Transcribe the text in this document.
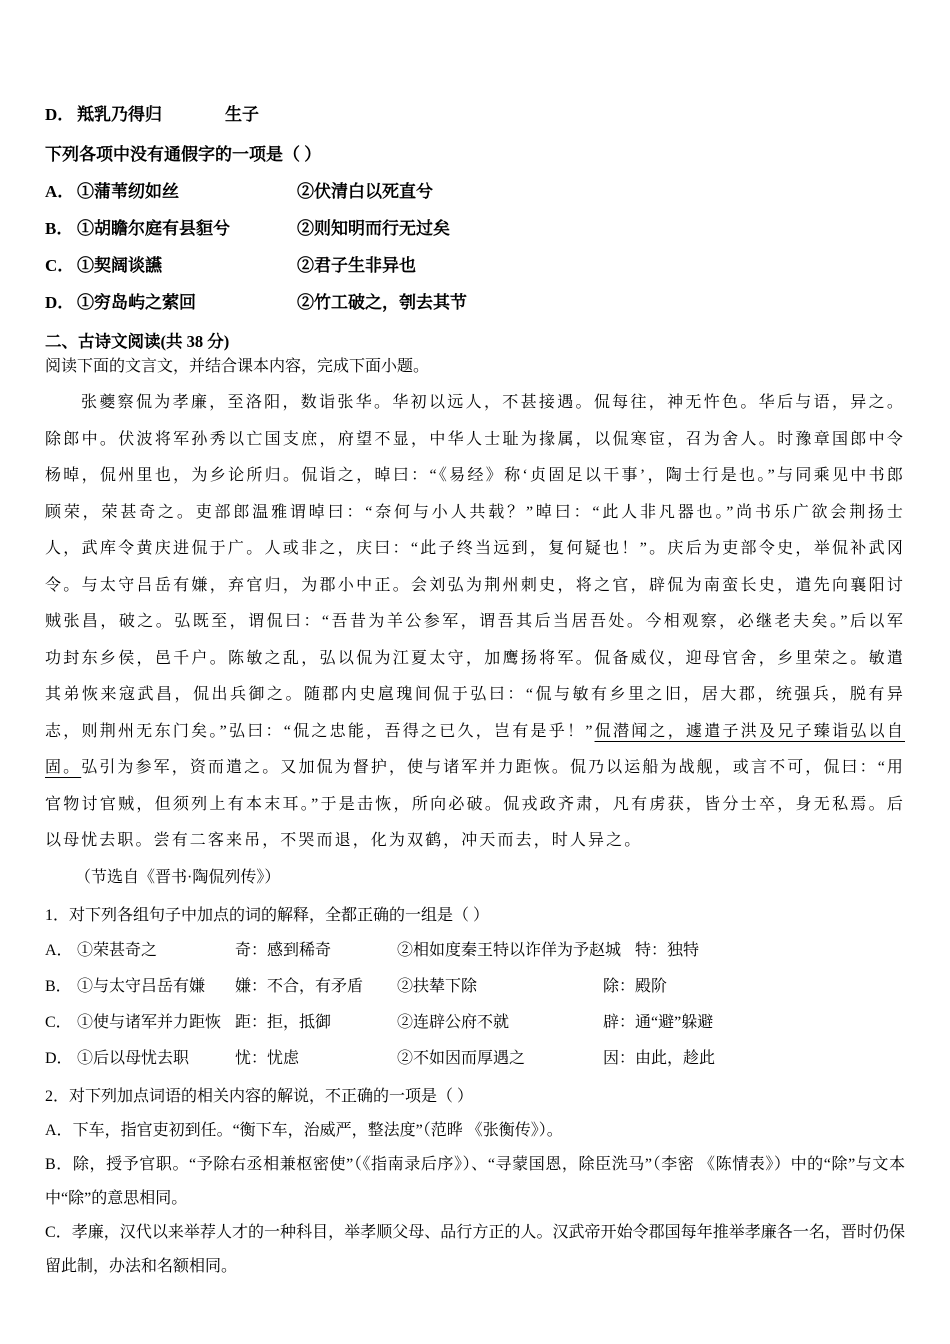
D． 羝乳乃得归	生子
下列各项中没有通假字的一项是（ ）
A． ①蒲苇纫如丝	②伏清白以死直兮
B． ①胡瞻尔庭有县貆兮	②则知明而行无过矣
C． ①契阔谈讌	②君子生非异也
D． ①穷岛屿之萦回	②竹工破之，刳去其节
二、古诗文阅读(共 38 分)
阅读下面的文言文，并结合课本内容，完成下面小题。

张夔察侃为孝廉，至洛阳，数诣张华。华初以远人，不甚接遇。侃每往，神无忤色。华后与语，异之。除郎中。伏波将军孙秀以亡国支庶，府望不显，中华人士耻为掾属，以侃寒宦，召为舍人。时豫章国郎中令杨晫，侃州里也，为乡论所归。侃诣之，晫曰：“《易经》称‘贞固足以干事’，陶士行是也。”与同乘见中书郎顾荣，荣甚奇之。吏部郎温雅谓晫曰：“奈何与小人共载？”晫曰：“此人非凡器也。”尚书乐广欲会荆扬士人，武库令黄庆进侃于广。人或非之，庆曰：“此子终当远到，复何疑也！”。庆后为吏部令史，举侃补武冈令。与太守吕岳有嫌，弃官归，为郡小中正。会刘弘为荆州刺史，将之官，辟侃为南蛮长史，遣先向襄阳讨贼张昌，破之。弘既至，谓侃曰：“吾昔为羊公参军，谓吾其后当居吾处。今相观察，必继老夫矣。”后以军功封东乡侯，邑千户。陈敏之乱，弘以侃为江夏太守，加鹰扬将军。侃备威仪，迎母官舍，乡里荣之。敏遣其弟恢来寇武昌，侃出兵御之。随郡内史扈瑰间侃于弘曰：“侃与敏有乡里之旧，居大郡，统强兵，脱有异志，则荆州无东门矣。”弘曰：“侃之忠能，吾得之已久，岂有是乎！”侃潜闻之，遽遣子洪及兄子臻诣弘以自固。弘引为参军，资而遣之。又加侃为督护，使与诸军并力距恢。侃乃以运船为战舰，或言不可，侃曰：“用官物讨官贼，但须列上有本末耳。”于是击恢，所向必破。侃戎政齐肃，凡有虏获，皆分士卒，身无私焉。后以母忧去职。尝有二客来吊，不哭而退，化为双鹤，冲天而去，时人异之。

（节选自《晋书·陶侃列传》）
1．对下列各组句子中加点的词的解释，全都正确的一组是（ ）
A． ①荣甚奇之	奇：感到稀奇	②相如度秦王特以诈佯为予赵城 特：独特
B． ①与太守吕岳有嫌	嫌：不合，有矛盾	②扶辇下除	除：殿阶
C． ①使与诸军并力距恢 距：拒，抵御	②连辟公府不就	辟：通“避”躲避
D． ①后以母忧去职	忧：忧虑	②不如因而厚遇之	因：由此，趁此
2．对下列加点词语的相关内容的解说，不正确的一项是（ ）

A．下车，指官吏初到任。“衡下车，治威严，整法度”（范晔 《张衡传》）。

B．除，授予官职。“予除右丞相兼枢密使”（《指南录后序》）、“寻蒙国恩，除臣洗马”（李密 《陈情表》）中的“除”与文本中“除”的意思相同。

C．孝廉，汉代以来举荐人才的一种科目，举孝顺父母、品行方正的人。汉武帝开始令郡国每年推举孝廉各一名，晋时仍保留此制，办法和名额相同。
